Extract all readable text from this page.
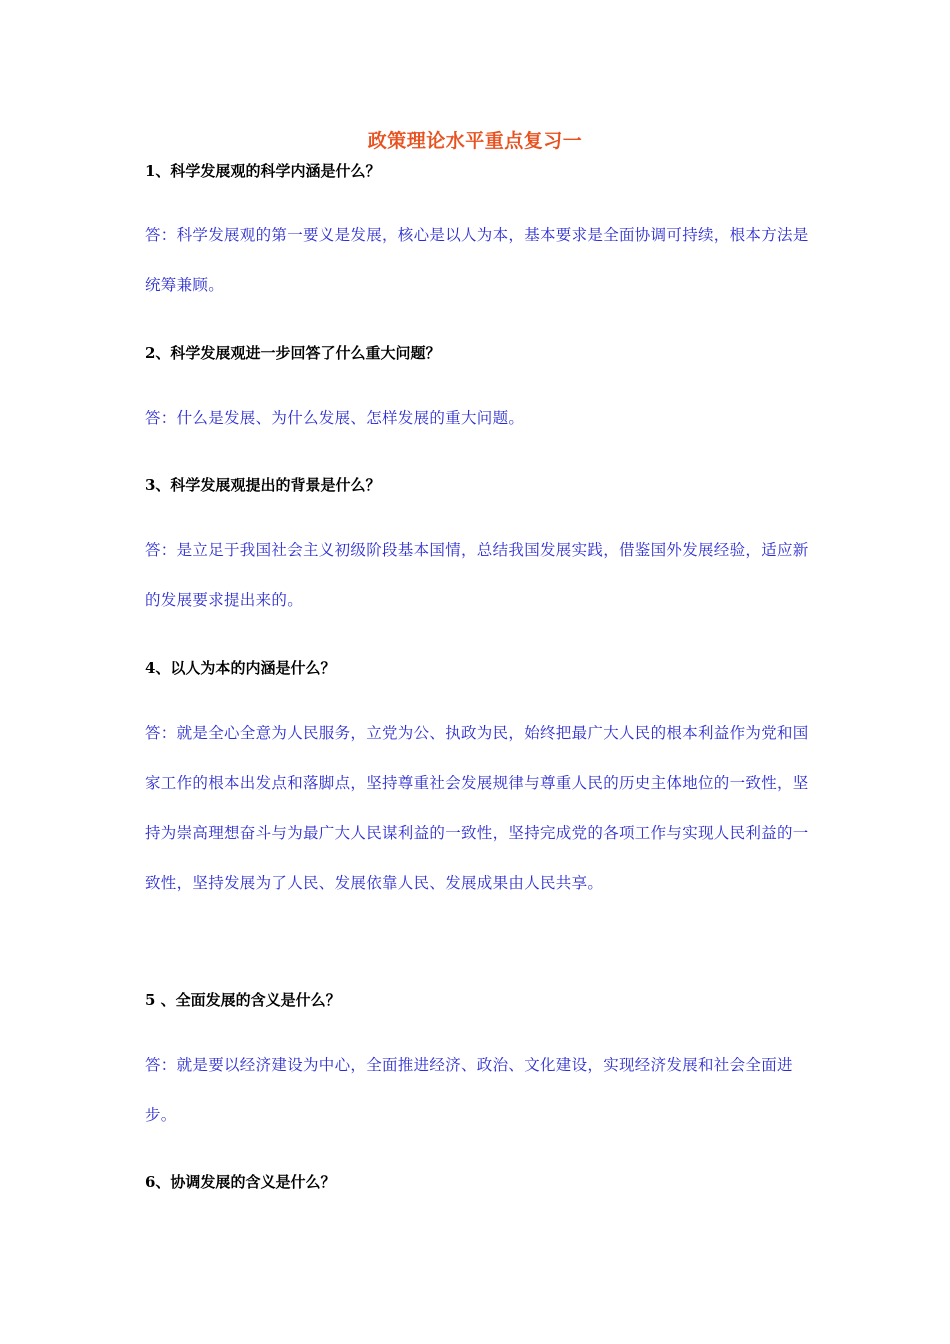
政策理论水平重点复习一
1、科学发展观的科学内涵是什么？

答：科学发展观的第一要义是发展，核心是以人为本，基本要求是全面协调可持续，根本方法是统筹兼顾。

2、科学发展观进一步回答了什么重大问题？

答：什么是发展、为什么发展、怎样发展的重大问题。

3、科学发展观提出的背景是什么？

答：是立足于我国社会主义初级阶段基本国情，总结我国发展实践，借鉴国外发展经验，适应新的发展要求提出来的。

4、以人为本的内涵是什么？

答：就是全心全意为人民服务，立党为公、执政为民，始终把最广大人民的根本利益作为党和国家工作的根本出发点和落脚点，坚持尊重社会发展规律与尊重人民的历史主体地位的一致性，坚持为崇高理想奋斗与为最广大人民谋利益的一致性，坚持完成党的各项工作与实现人民利益的一致性，坚持发展为了人民、发展依靠人民、发展成果由人民共享。

5 、全面发展的含义是什么？

答：就是要以经济建设为中心，全面推进经济、政治、文化建设，实现经济发展和社会全面进步。

6、协调发展的含义是什么？
